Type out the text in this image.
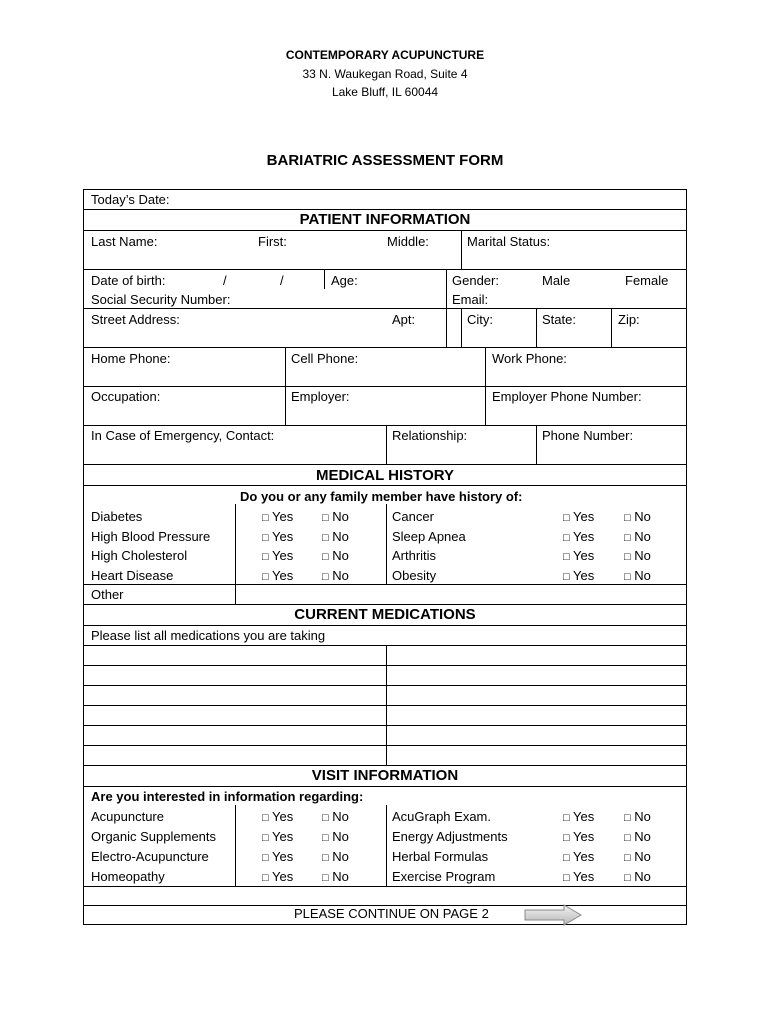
CONTEMPORARY ACUPUNCTURE
33 N. Waukegan Road, Suite 4
Lake Bluff, IL 60044
BARIATRIC ASSESSMENT FORM
Today’s Date:
PATIENT INFORMATION
Last Name:	First:	Middle:	Marital Status:
Date of birth:	/	/	Age:	Gender:	Male	Female
Social Security Number:	Email:
Street Address:	Apt:	City:	State:	Zip:
Home Phone:	Cell Phone:	Work Phone:
Occupation:	Employer:	Employer Phone Number:
In Case of Emergency, Contact:	Relationship:	Phone Number:
MEDICAL HISTORY
Do you or any family member have history of:
Diabetes	□ Yes	□ No
High Blood Pressure	□ Yes	□ No
High Cholesterol	□ Yes	□ No
Heart Disease	□ Yes	□ No
Cancer	□ Yes	□ No
Sleep Apnea	□ Yes	□ No
Arthritis	□ Yes	□ No
Obesity	□ Yes	□ No
Other
CURRENT MEDICATIONS
Please list all medications you are taking
VISIT INFORMATION
Are you interested in information regarding:
Acupuncture	□ Yes	□ No
Organic Supplements	□ Yes	□ No
Electro-Acupuncture	□ Yes	□ No
Homeopathy	□ Yes	□ No
AcuGraph Exam.	□ Yes	□ No
Energy Adjustments	□ Yes	□ No
Herbal Formulas	□ Yes	□ No
Exercise Program	□ Yes	□ No
PLEASE CONTINUE ON PAGE 2
